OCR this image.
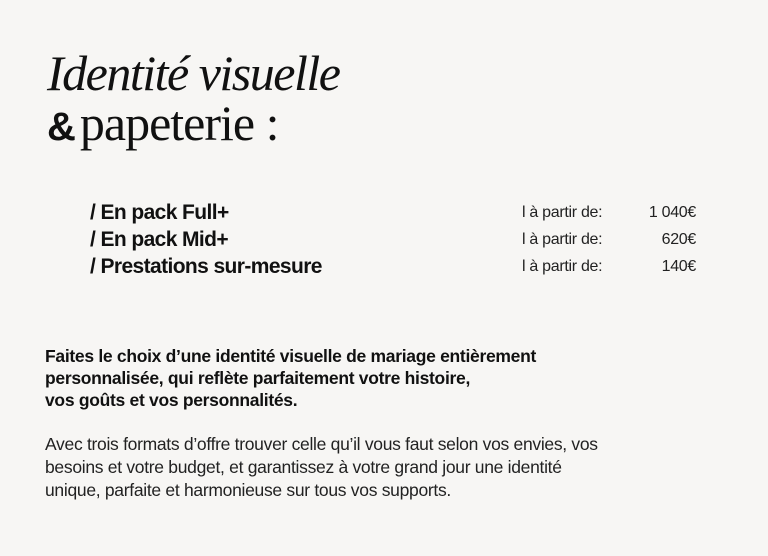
Identité visuelle

&papeterie :

/ En pack Full+	l à partir de:	1 040€
/ En pack Mid+	l à partir de:	620€
/ Prestations sur-mesure	l à partir de:	140€

Faites le choix d’une identité visuelle de mariage entièrement
personnalisée, qui reflète parfaitement votre histoire,
vos goûts et vos personnalités.

Avec trois formats d’offre trouver celle qu’il vous faut selon vos envies, vos
besoins et votre budget, et garantissez à votre grand jour une identité
unique, parfaite et harmonieuse sur tous vos supports.
